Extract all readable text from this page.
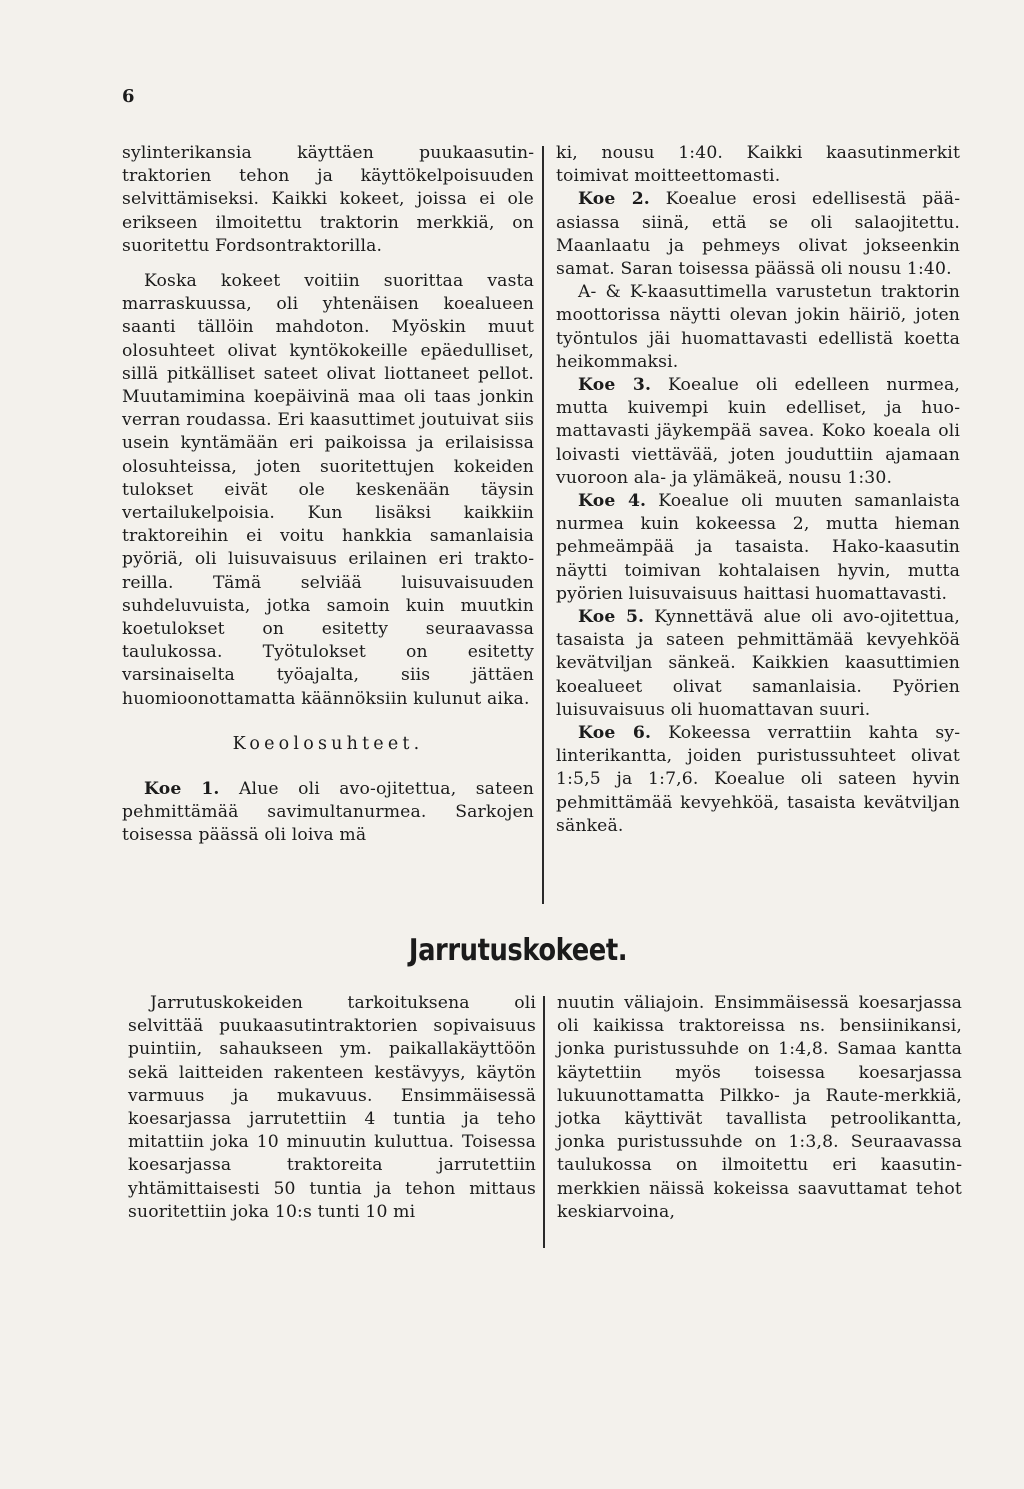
6

sylinterikansia käyttäen puukaasutintraktorien tehon ja käyttökelpoisuuden selvittämiseksi. Kaikki kokeet, joissa ei ole erikseen ilmoitettu traktorin merkkiä, on suoritettu Fordsontraktorilla.

Koska kokeet voitiin suorittaa vasta marraskuussa, oli yhtenäisen koealueen saanti tällöin mahdoton. Myöskin muut olosuhteet olivat kyntökokeille epäedulliset, sillä pitkälliset sateet olivat liottaneet pellot. Muutamimina koepäivinä maa oli taas jonkin verran roudassa. Eri kaasuttimet joutuivat siis usein kyntämään eri paikoissa ja erilaisissa olosuhteissa, joten suoritettujen kokeiden tulokset eivät ole keskenään täysin vertailukelpoisia. Kun lisäksi kaikkiin traktoreihin ei voitu hankkia samanlaisia pyöriä, oli luisuvaisuus erilainen eri traktoreilla. Tämä selviää luisuvaisuuden suhdeluvuista, jotka samoin kuin muutkin koetulokset on esitetty seuraavassa taulukossa. Työtulokset on esitetty varsinaiselta työajalta, siis jättäen huomioonottamatta käännöksiin kulunut aika.

Koeolosuhteet.

Koe 1. Alue oli avo-ojitettua, sateen pehmittämää savimultanurmea. Sarkojen toisessa päässä oli loiva mä

ki, nousu 1:40. Kaikki kaasutinmerkit toimivat moitteettomasti.

Koe 2. Koealue erosi edellisestä pääasiassa siinä, että se oli salaojitettu. Maanlaatu ja pehmeys olivat jokseenkin samat. Saran toisessa päässä oli nousu 1:40.

A- & K-kaasuttimella varustetun traktorin moottorissa näytti olevan jokin häiriö, joten työntulos jäi huomattavasti edellistä koetta heikommaksi.

Koe 3. Koealue oli edelleen nurmea, mutta kuivempi kuin edelliset, ja huomattavasti jäykempää savea. Koko koeala oli loivasti viettävää, joten jouduttiin ajamaan vuoroon ala- ja ylämäkeä, nousu 1:30.

Koe 4. Koealue oli muuten samanlaista nurmea kuin kokeessa 2, mutta hieman pehmeämpää ja tasaista. Hako-kaasutin näytti toimivan kohtalaisen hyvin, mutta pyörien luisuvaisuus haittasi huomattavasti.

Koe 5. Kynnettävä alue oli avo-ojitettua, tasaista ja sateen pehmittämää kevyehköä kevätviljan sänkeä. Kaikkien kaasuttimien koealueet olivat samanlaisia. Pyörien luisuvaisuus oli huomattavan suuri.

Koe 6. Kokeessa verrattiin kahta sylinterikantta, joiden puristussuhteet olivat 1:5,5 ja 1:7,6. Koealue oli sateen hyvin pehmittämää kevyehköä, tasaista kevätviljan sänkeä.

Jarrutuskokeet.

Jarrutuskokeiden tarkoituksena oli selvittää puukaasutintraktorien sopivaisuus puintiin, sahaukseen ym. paikallakäyttöön sekä laitteiden rakenteen kestävyys, käytön varmuus ja mukavuus. Ensimmäisessä koesarjassa jarrutettiin 4 tuntia ja teho mitattiin joka 10 minuutin kuluttua. Toisessa koesarjassa traktoreita jarrutettiin yhtämittaisesti 50 tuntia ja tehon mittaus suoritettiin joka 10:s tunti 10 mi

nuutin väliajoin. Ensimmäisessä koesarjassa oli kaikissa traktoreissa ns. bensiinikansi, jonka puristussuhde on 1:4,8. Samaa kantta käytettiin myös toisessa koesarjassa lukuunottamatta Pilkko- ja Raute-merkkiä, jotka käyttivät tavallista petroolikantta, jonka puristussuhde on 1:3,8. Seuraavassa taulukossa on ilmoitettu eri kaasutinmerkkien näissä kokeissa saavuttamat tehot keskiarvoina,
